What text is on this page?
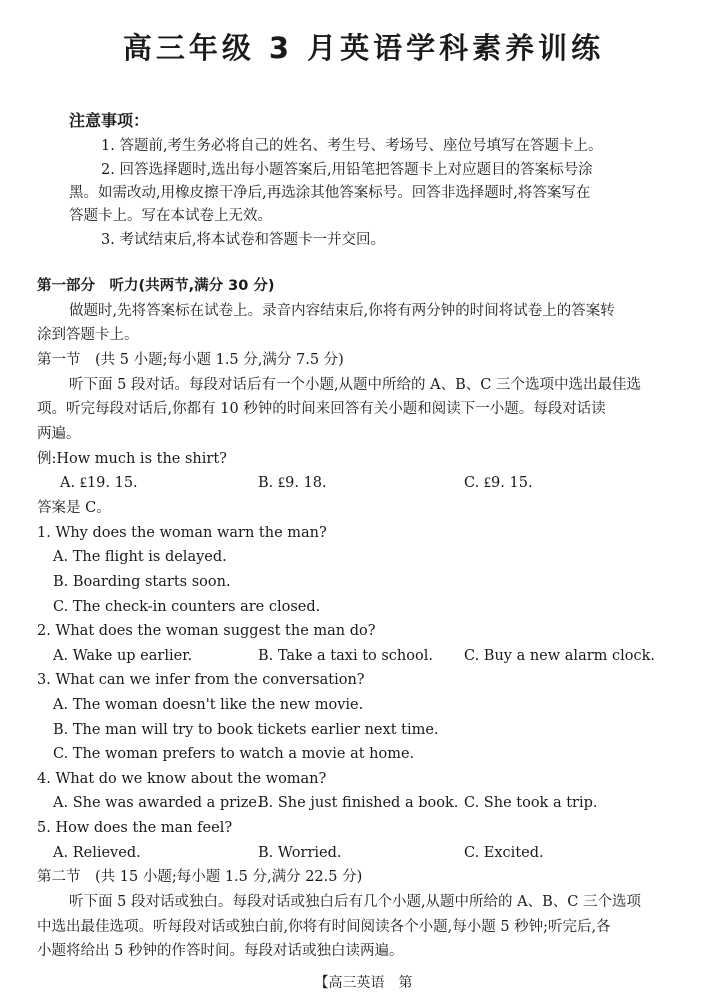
高三年级 3 月英语学科素养训练
注意事项：
1. 答题前,考生务必将自己的姓名、考生号、考场号、座位号填写在答题卡上。
2. 回答选择题时,选出每小题答案后,用铅笔把答题卡上对应题目的答案标号涂
黑。如需改动,用橡皮擦干净后,再选涂其他答案标号。回答非选择题时,将答案写在
答题卡上。写在本试卷上无效。
3. 考试结束后,将本试卷和答题卡一并交回。
第一部分　听力(共两节,满分 30 分)
做题时,先将答案标在试卷上。录音内容结束后,你将有两分钟的时间将试卷上的答案转
涂到答题卡上。
第一节　(共 5 小题;每小题 1.5 分,满分 7.5 分)
听下面 5 段对话。每段对话后有一个小题,从题中所给的 A、B、C 三个选项中选出最佳选
项。听完每段对话后,你都有 10 秒钟的时间来回答有关小题和阅读下一小题。每段对话读
两遍。
例:How much is the shirt?
A. ₤19. 15.	B. ₤9. 18.	C. ₤9. 15.
答案是 C。
1. Why does the woman warn the man?
A. The flight is delayed.
B. Boarding starts soon.
C. The check-in counters are closed.
2. What does the woman suggest the man do?
A. Wake up earlier.	B. Take a taxi to school. C. Buy a new alarm clock.
3. What can we infer from the conversation?
A. The woman doesn't like the new movie.
B. The man will try to book tickets earlier next time.
C. The woman prefers to watch a movie at home.
4. What do we know about the woman?
A. She was awarded a prize.
B. She just finished a book. C. She took a trip.
5. How does the man feel?
A. Relieved.	B. Worried.	C. Excited.
第二节　(共 15 小题;每小题 1.5 分,满分 22.5 分)
听下面 5 段对话或独白。每段对话或独白后有几个小题,从题中所给的 A、B、C 三个选项
中选出最佳选项。听每段对话或独白前,你将有时间阅读各个小题,每小题 5 秒钟;听完后,各
小题将给出 5 秒钟的作答时间。每段对话或独白读两遍。
【高三英语　第
